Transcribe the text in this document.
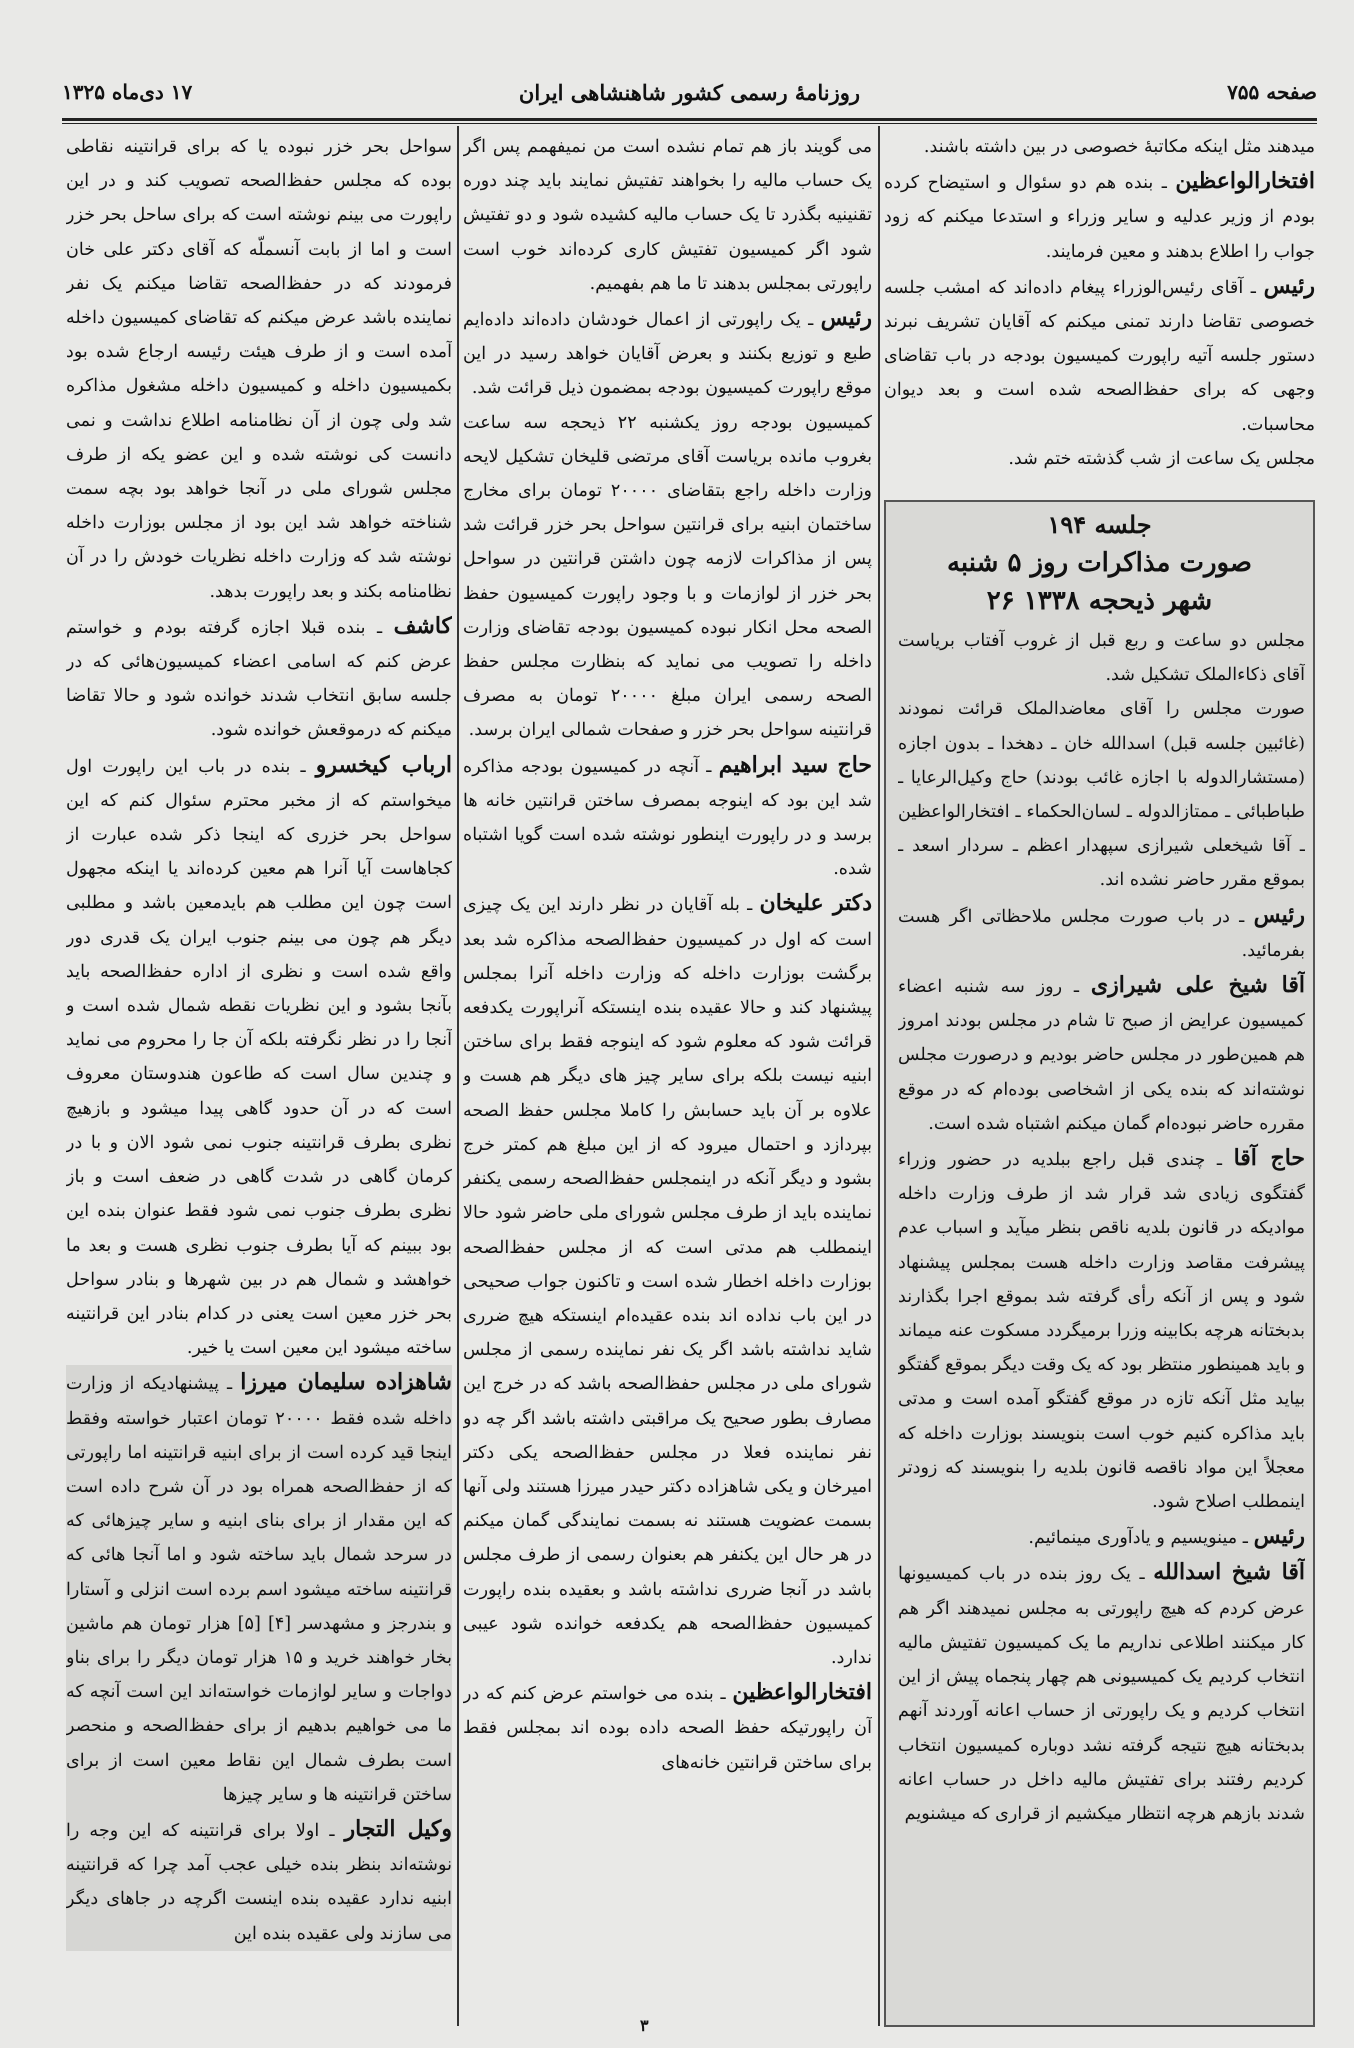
صفحه ۷۵۵
روزنامهٔ رسمی کشور شاهنشاهی ایران
۱۷ دی‌ماه ۱۳۲۵

میدهند مثل اینکه مکاتبهٔ خصوصی در بین داشته باشند.

افتخارالواعظین ـ بنده هم دو سئوال و استیضاح کرده بودم از وزیر عدلیه و سایر وزراء و استدعا میکنم که زود جواب را اطلاع بدهند و معین فرمایند.

رئیس ـ آقای رئیس‌الوزراء پیغام داده‌اند که امشب جلسه خصوصی تقاضا دارند تمنی میکنم که آقایان تشریف نبرند دستور جلسه آتیه راپورت کمیسیون بودجه در باب تقاضای وجهی که برای حفظ‌الصحه شده است و بعد دیوان محاسبات.

مجلس یک ساعت از شب گذشته ختم شد.

جلسه ۱۹۴
صورت مذاکرات روز ۵ شنبه
۲۶ شهر ذیحجه ۱۳۳۸

مجلس دو ساعت و ربع قبل از غروب آفتاب بریاست آقای ذکاءالملک تشکیل شد.

صورت مجلس را آقای معاضدالملک قرائت نمودند (غائبین جلسه قبل) اسدالله خان ـ دهخدا ـ بدون اجازه (مستشارالدوله با اجازه غائب بودند) حاج وکیل‌الرعایا ـ طباطبائی ـ ممتازالدوله ـ لسان‌الحکماء ـ افتخارالواعظین ـ آقا شیخعلی شیرازی سپهدار اعظم ـ سردار اسعد ـ بموقع مقرر حاضر نشده اند.

رئیس ـ در باب صورت مجلس ملاحظاتی اگر هست بفرمائید.

آقا شیخ علی شیرازی ـ روز سه شنبه اعضاء کمیسیون عرایض از صبح تا شام در مجلس بودند امروز هم همین‌طور در مجلس حاضر بودیم و درصورت مجلس نوشته‌اند که بنده یکی از اشخاصی بوده‌ام که در موقع مقرره حاضر نبوده‌ام گمان میکنم اشتباه شده است.

حاج آقا ـ چندی قبل راجع ببلدیه در حضور وزراء گفتگوی زیادی شد قرار شد از طرف وزارت داخله موادیکه در قانون بلدیه ناقص بنظر میآید و اسباب عدم پیشرفت مقاصد وزارت داخله هست بمجلس پیشنهاد شود و پس از آنکه رأی گرفته شد بموقع اجرا بگذارند بدبختانه هرچه بکابینه وزرا برمیگردد مسکوت عنه میماند و باید همینطور منتظر بود که یک وقت دیگر بموقع گفتگو بیاید مثل آنکه تازه در موقع گفتگو آمده است و مدتی باید مذاکره کنیم خوب است بنویسند بوزارت داخله که معجلاً این مواد ناقصه قانون بلدیه را بنویسند که زودتر اینمطلب اصلاح شود.

رئیس ـ مینویسیم و یادآوری مینمائیم.

آقا شیخ اسدالله ـ یک روز بنده در باب کمیسیونها عرض کردم که هیچ راپورتی به مجلس نمیدهند اگر هم کار میکنند اطلاعی نداریم ما یک کمیسیون تفتیش مالیه انتخاب کردیم یک کمیسیونی هم چهار پنجماه پیش از این انتخاب کردیم و یک راپورتی از حساب اعانه آوردند آنهم بدبختانه هیچ نتیجه گرفته نشد دوباره کمیسیون انتخاب کردیم رفتند برای تفتیش مالیه داخل در حساب اعانه شدند بازهم هرچه انتظار میکشیم از قراری که میشنویم

می گویند باز هم تمام نشده است من نمیفهمم پس اگر یک حساب مالیه را بخواهند تفتیش نمایند باید چند دوره تقنینیه بگذرد تا یک حساب مالیه کشیده شود و دو تفتیش شود اگر کمیسیون تفتیش کاری کرده‌اند خوب است راپورتی بمجلس بدهند تا ما هم بفهمیم.

رئیس ـ یک راپورتی از اعمال خودشان داده‌اند داده‌ایم طبع و توزیع بکنند و بعرض آقایان خواهد رسید در این موقع راپورت کمیسیون بودجه بمضمون ذیل قرائت شد.

کمیسیون بودجه روز یکشنبه ۲۲ ذیحجه سه ساعت بغروب مانده بریاست آقای مرتضی قلیخان تشکیل لایحه وزارت داخله راجع بتقاضای ۲۰۰۰۰ تومان برای مخارج ساختمان ابنیه برای قرانتین سواحل بحر خزر قرائت شد پس از مذاکرات لازمه چون داشتن قرانتین در سواحل بحر خزر از لوازمات و با وجود راپورت کمیسیون حفظ الصحه محل انکار نبوده کمیسیون بودجه تقاضای وزارت داخله را تصویب می نماید که بنظارت مجلس حفظ الصحه رسمی ایران مبلغ ۲۰۰۰۰ تومان به مصرف قرانتینه سواحل بحر خزر و صفحات شمالی ایران برسد.

حاج سید ابراهیم ـ آنچه در کمیسیون بودجه مذاکره شد این بود که اینوجه بمصرف ساختن قرانتین خانه ها برسد و در راپورت اینطور نوشته شده است گویا اشتباه شده.

دکتر علیخان ـ بله آقایان در نظر دارند این یک چیزی است که اول در کمیسیون حفظ‌الصحه مذاکره شد بعد برگشت بوزارت داخله که وزارت داخله آنرا بمجلس پیشنهاد کند و حالا عقیده بنده اینستکه آنراپورت یکدفعه قرائت شود که معلوم شود که اینوجه فقط برای ساختن ابنیه نیست بلکه برای سایر چیز های دیگر هم هست و علاوه بر آن باید حسابش را کاملا مجلس حفظ الصحه بپردازد و احتمال میرود که از این مبلغ هم کمتر خرج بشود و دیگر آنکه در اینمجلس حفظ‌الصحه رسمی یکنفر نماینده باید از طرف مجلس شورای ملی حاضر شود حالا اینمطلب هم مدتی است که از مجلس حفظ‌الصحه بوزارت داخله اخطار شده است و تاکنون جواب صحیحی در این باب نداده اند بنده عقیده‌ام اینستکه هیچ ضرری شاید نداشته باشد اگر یک نفر نماینده رسمی از مجلس شورای ملی در مجلس حفظ‌الصحه باشد که در خرج این مصارف بطور صحیح یک مراقبتی داشته باشد اگر چه دو نفر نماینده فعلا در مجلس حفظ‌الصحه یکی دکتر امیرخان و یکی شاهزاده دکتر حیدر میرزا هستند ولی آنها بسمت عضویت هستند نه بسمت نمایندگی گمان میکنم در هر حال این یکنفر هم بعنوان رسمی از طرف مجلس باشد در آنجا ضرری نداشته باشد و بعقیده بنده راپورت کمیسیون حفظ‌الصحه هم یکدفعه خوانده شود عیبی ندارد.

افتخارالواعظین ـ بنده می خواستم عرض کنم که در آن راپورتیکه حفظ الصحه داده بوده اند بمجلس فقط برای ساختن قرانتین خانه‌های

سواحل بحر خزر نبوده یا که برای قرانتینه نقاطی بوده که مجلس حفظ‌الصحه تصویب کند و در این راپورت می بینم نوشته است که برای ساحل بحر خزر است و اما از بابت آنسملّه که آقای دکتر علی خان فرمودند که در حفظ‌الصحه تقاضا میکنم یک نفر نماینده باشد عرض میکنم که تقاضای کمیسیون داخله آمده است و از طرف هیئت رئیسه ارجاع شده بود بکمیسیون داخله و کمیسیون داخله مشغول مذاکره شد ولی چون از آن نظامنامه اطلاع نداشت و نمی دانست کی نوشته شده و این عضو یکه از طرف مجلس شورای ملی در آنجا خواهد بود بچه سمت شناخته خواهد شد این بود از مجلس بوزارت داخله نوشته شد که وزارت داخله نظریات خودش را در آن نظامنامه بکند و بعد راپورت بدهد.

کاشف ـ بنده قبلا اجازه گرفته بودم و خواستم عرض کنم که اسامی اعضاء کمیسیون‌هائی که در جلسه سابق انتخاب شدند خوانده شود و حالا تقاضا میکنم که درموقعش خوانده شود.

ارباب کیخسرو ـ بنده در باب این راپورت اول میخواستم که از مخبر محترم سئوال کنم که این سواحل بحر خزری که اینجا ذکر شده عبارت از کجاهاست آیا آنرا هم معین کرده‌اند یا اینکه مجهول است چون این مطلب هم بایدمعین باشد و مطلبی دیگر هم چون می بینم جنوب ایران یک قدری دور واقع شده است و نظری از اداره حفظ‌الصحه باید بآنجا بشود و این نظریات نقطه شمال شده است و آنجا را در نظر نگرفته بلکه آن جا را محروم می نماید و چندین سال است که طاعون هندوستان معروف است که در آن حدود گاهی پیدا میشود و بازهیچ نظری بطرف قرانتینه جنوب نمی شود الان و با در کرمان گاهی در شدت گاهی در ضعف است و باز نظری بطرف جنوب نمی شود فقط عنوان بنده این بود ببینم که آیا بطرف جنوب نظری هست و بعد ما خواهشد و شمال هم در بین شهرها و بنادر سواحل بحر خزر معین است یعنی در کدام بنادر این قرانتینه ساخته میشود این معین است یا خیر.

شاهزاده سلیمان میرزا ـ پیشنهادیکه از وزارت داخله شده فقط ۲۰۰۰۰ تومان اعتبار خواسته وفقط اینجا قید کرده است از برای ابنیه قرانتینه اما راپورتی که از حفظ‌الصحه همراه بود در آن شرح داده است که این مقدار از برای بنای ابنیه و سایر چیزهائی که در سرحد شمال باید ساخته شود و اما آنجا هائی که قرانتینه ساخته میشود اسم برده است انزلی و آستارا و بندرجز و مشهدسر [۴] [۵] هزار تومان هم ماشین بخار خواهند خرید و ۱۵ هزار تومان دیگر را برای بناو دواجات و سایر لوازمات خواسته‌اند این است آنچه که ما می خواهیم بدهیم از برای حفظ‌الصحه و منحصر است بطرف شمال این نقاط معین است از برای ساختن قرانتینه ها و سایر چیزها

وکیل التجار ـ اولا برای قرانتینه که این وجه را نوشته‌اند بنظر بنده خیلی عجب آمد چرا که قرانتینه ابنیه ندارد عقیده بنده اینست اگرچه در جاهای دیگر می سازند ولی عقیده بنده این

۳
